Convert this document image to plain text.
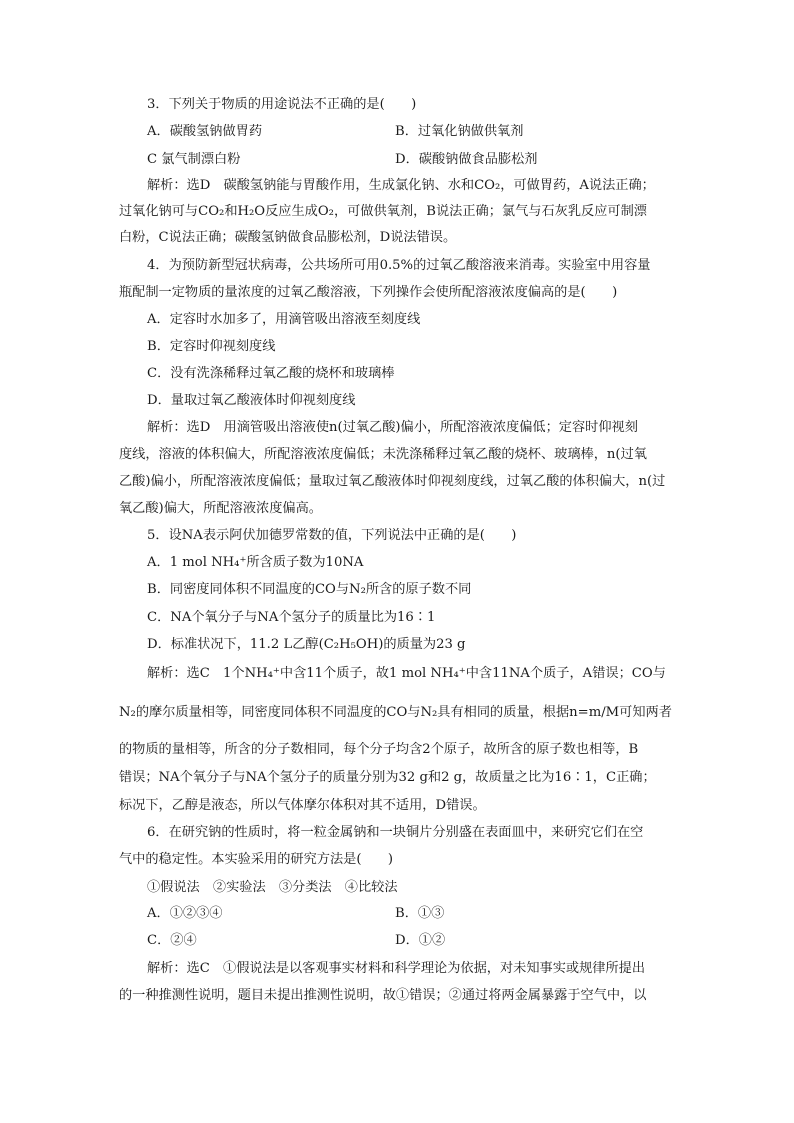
3．下列关于物质的用途说法不正确的是(　　)
A．碳酸氢钠做胃药	B．过氧化钠做供氧剂
C 氯气制漂白粉	D．碳酸钠做食品膨松剂
解析：选D　碳酸氢钠能与胃酸作用，生成氯化钠、水和CO₂，可做胃药，A说法正确；
过氧化钠可与CO₂和H₂O反应生成O₂，可做供氧剂，B说法正确；氯气与石灰乳反应可制漂
白粉，C说法正确；碳酸氢钠做食品膨松剂，D说法错误。
4．为预防新型冠状病毒，公共场所可用0.5%的过氧乙酸溶液来消毒。实验室中用容量
瓶配制一定物质的量浓度的过氧乙酸溶液，下列操作会使所配溶液浓度偏高的是(　　)
A．定容时水加多了，用滴管吸出溶液至刻度线
B．定容时仰视刻度线
C．没有洗涤稀释过氧乙酸的烧杯和玻璃棒
D．量取过氧乙酸液体时仰视刻度线
解析：选D　用滴管吸出溶液使n(过氧乙酸)偏小，所配溶液浓度偏低；定容时仰视刻
度线，溶液的体积偏大，所配溶液浓度偏低；未洗涤稀释过氧乙酸的烧杯、玻璃棒，n(过氧
乙酸)偏小，所配溶液浓度偏低；量取过氧乙酸液体时仰视刻度线，过氧乙酸的体积偏大，n(过
氧乙酸)偏大，所配溶液浓度偏高。
5．设NA表示阿伏加德罗常数的值，下列说法中正确的是(　　)
A．1 mol NH₄⁺所含质子数为10NA
B．同密度同体积不同温度的CO与N₂所含的原子数不同
C．NA个氧分子与NA个氢分子的质量比为16∶1
D．标准状况下，11.2 L乙醇(C₂H₅OH)的质量为23 g
解析：选C　1个NH₄⁺中含11个质子，故1 mol NH₄⁺中含11NA个质子，A错误；CO与
N₂的摩尔质量相等，同密度同体积不同温度的CO与N₂具有相同的质量，根据n=m/M可知两者
的物质的量相等，所含的分子数相同，每个分子均含2个原子，故所含的原子数也相等，B
错误；NA个氧分子与NA个氢分子的质量分别为32 g和2 g，故质量之比为16∶1，C正确；
标况下，乙醇是液态，所以气体摩尔体积对其不适用，D错误。
6．在研究钠的性质时，将一粒金属钠和一块铜片分别盛在表面皿中，来研究它们在空
气中的稳定性。本实验采用的研究方法是(　　)
①假说法　②实验法　③分类法　④比较法
A．①②③④	B．①③
C．②④	D．①②
解析：选C　①假说法是以客观事实材料和科学理论为依据，对未知事实或规律所提出
的一种推测性说明，题目未提出推测性说明，故①错误；②通过将两金属暴露于空气中，以
